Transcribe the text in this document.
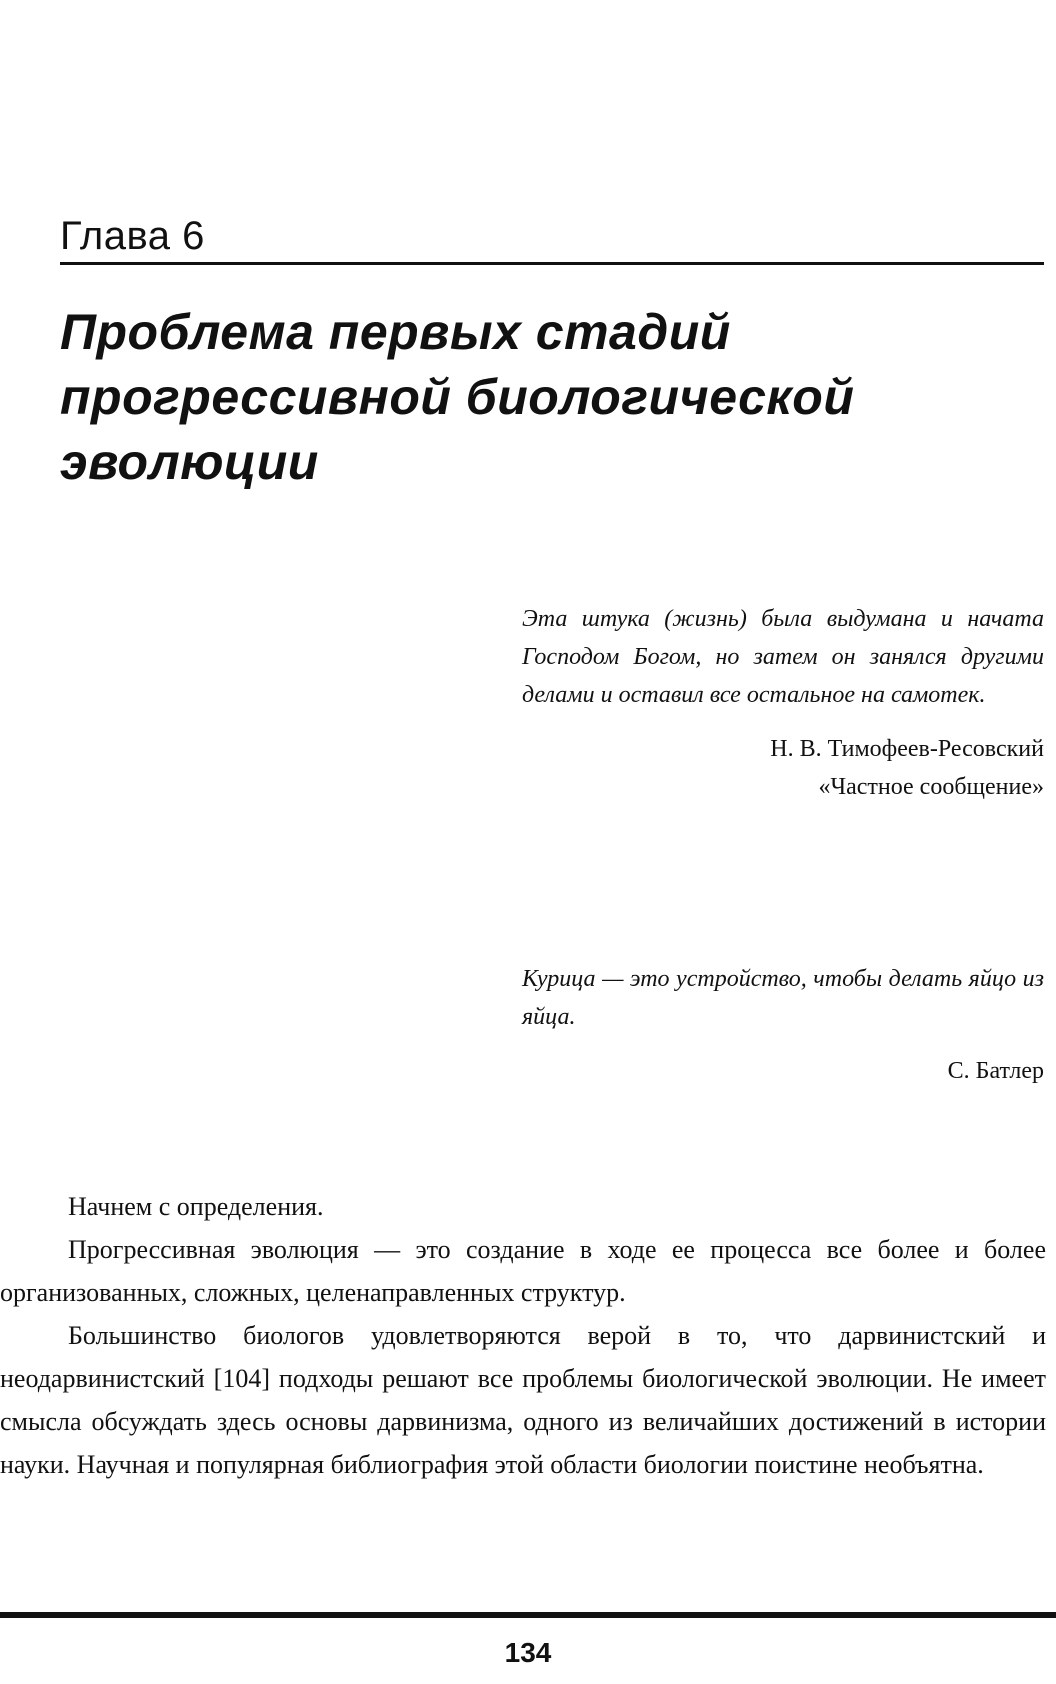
Глава 6
Проблема первых стадий
прогрессивной биологической
эволюции
Эта штука (жизнь) была выдумана и начата Господом Богом, но затем он занялся другими делами и оставил все остальное на самотек.
Н. В. Тимофеев-Ресовский
«Частное сообщение»
Курица — это устройство, чтобы делать яйцо из яйца.
С. Батлер

Начнем с определения.

Прогрессивная эволюция — это создание в ходе ее процесса все более и более организованных, сложных, целенаправленных структур.

Большинство биологов удовлетворяются верой в то, что дарвинистский и неодарвинистский [104] подходы решают все проблемы биологической эволюции. Не имеет смысла обсуждать здесь основы дарвинизма, одного из величайших достижений в истории науки. Научная и популярная библиография этой области биологии поистине необъятна.

134
